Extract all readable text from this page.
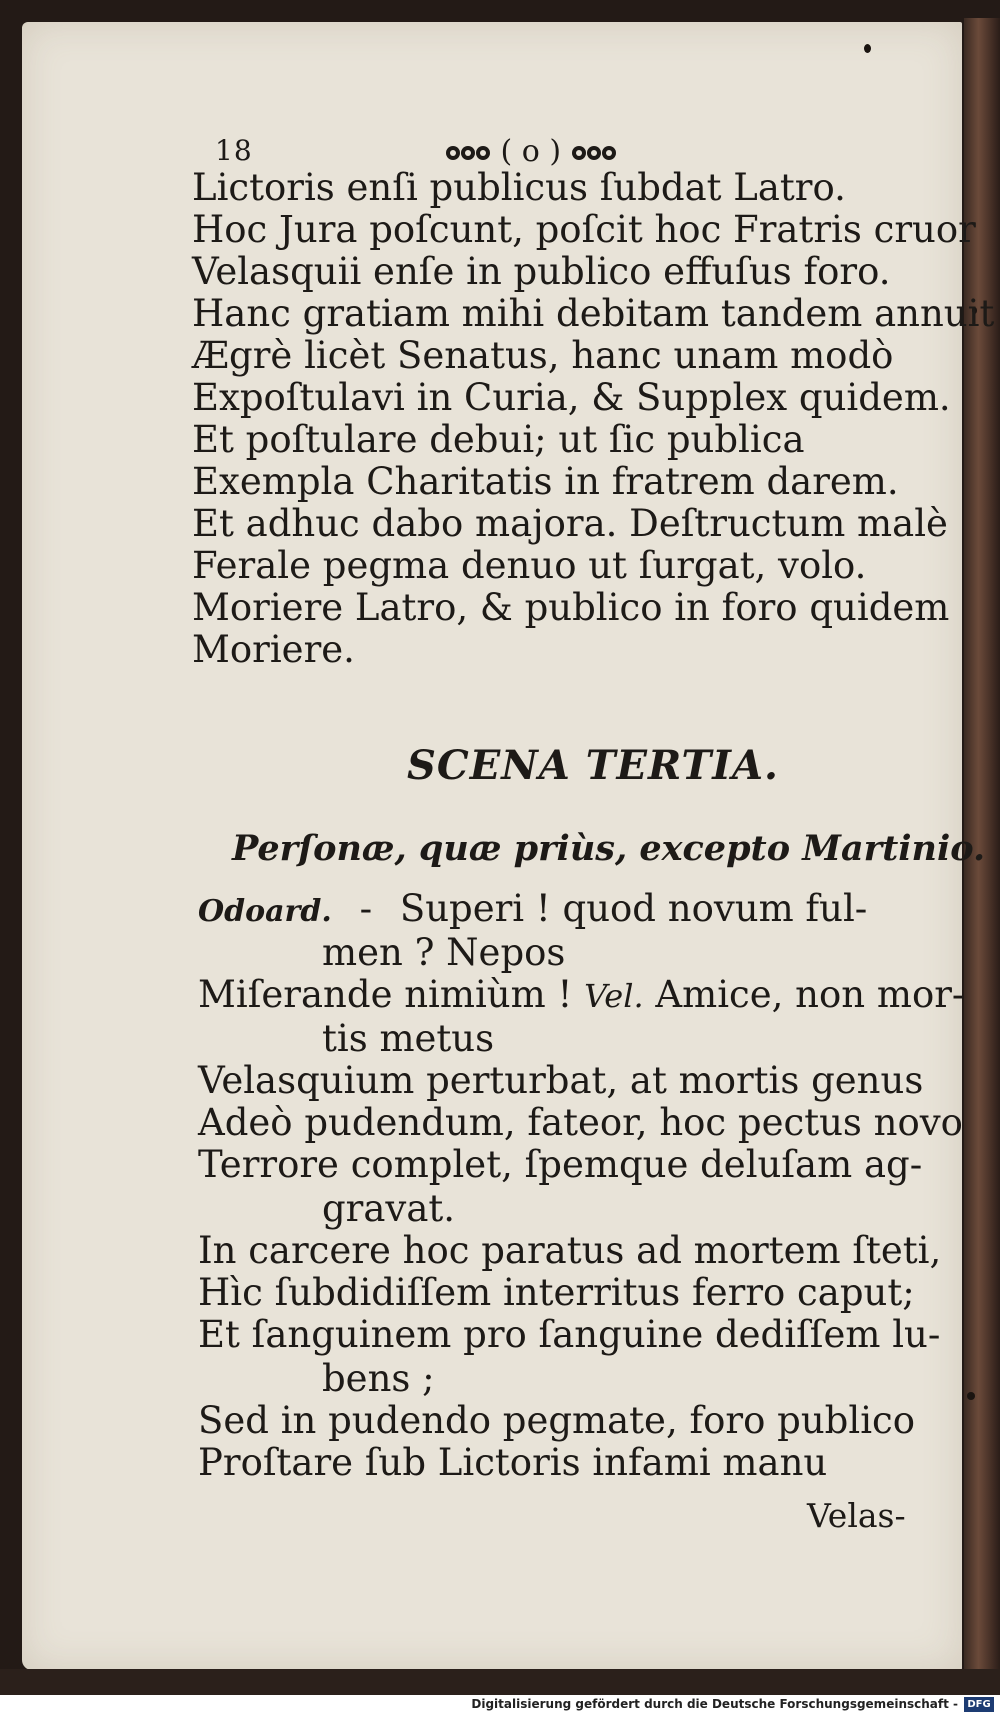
18	( o )
Lictoris enſi publicus ſubdat Latro.
Hoc Jura poſcunt, poſcit hoc Fratris cruor
Velasquii enſe in publico effuſus foro.
Hanc gratiam mihi debitam tandem annuit
Ægrè licèt Senatus, hanc unam modò
Expoſtulavi in Curia, & Supplex quidem.
Et poſtulare debui; ut ſic publica
Exempla Charitatis in fratrem darem.
Et adhuc dabo majora. Deſtructum malè
Ferale pegma denuo ut ſurgat, volo.
Moriere Latro, & publico in foro quidem
Moriere.
SCENA TERTIA.
Perſonæ, quæ priùs, excepto Martinio.
Odoard. - Superi ! quod novum ful-
men ? Nepos
Miſerande nimiùm ! Vel. Amice, non mor-
tis metus
Velasquium perturbat, at mortis genus
Adeò pudendum, fateor, hoc pectus novo
Terrore complet, ſpemque deluſam ag-
gravat.
In carcere hoc paratus ad mortem ſteti,
Hìc ſubdidiſſem interritus ferro caput;
Et ſanguinem pro ſanguine dediſſem lu-
bens ;
Sed in pudendo pegmate, foro publico
Proſtare ſub Lictoris infami manu
Velas-
Digitalisierung gefördert durch die Deutsche Forschungsgemeinschaft - DFG
